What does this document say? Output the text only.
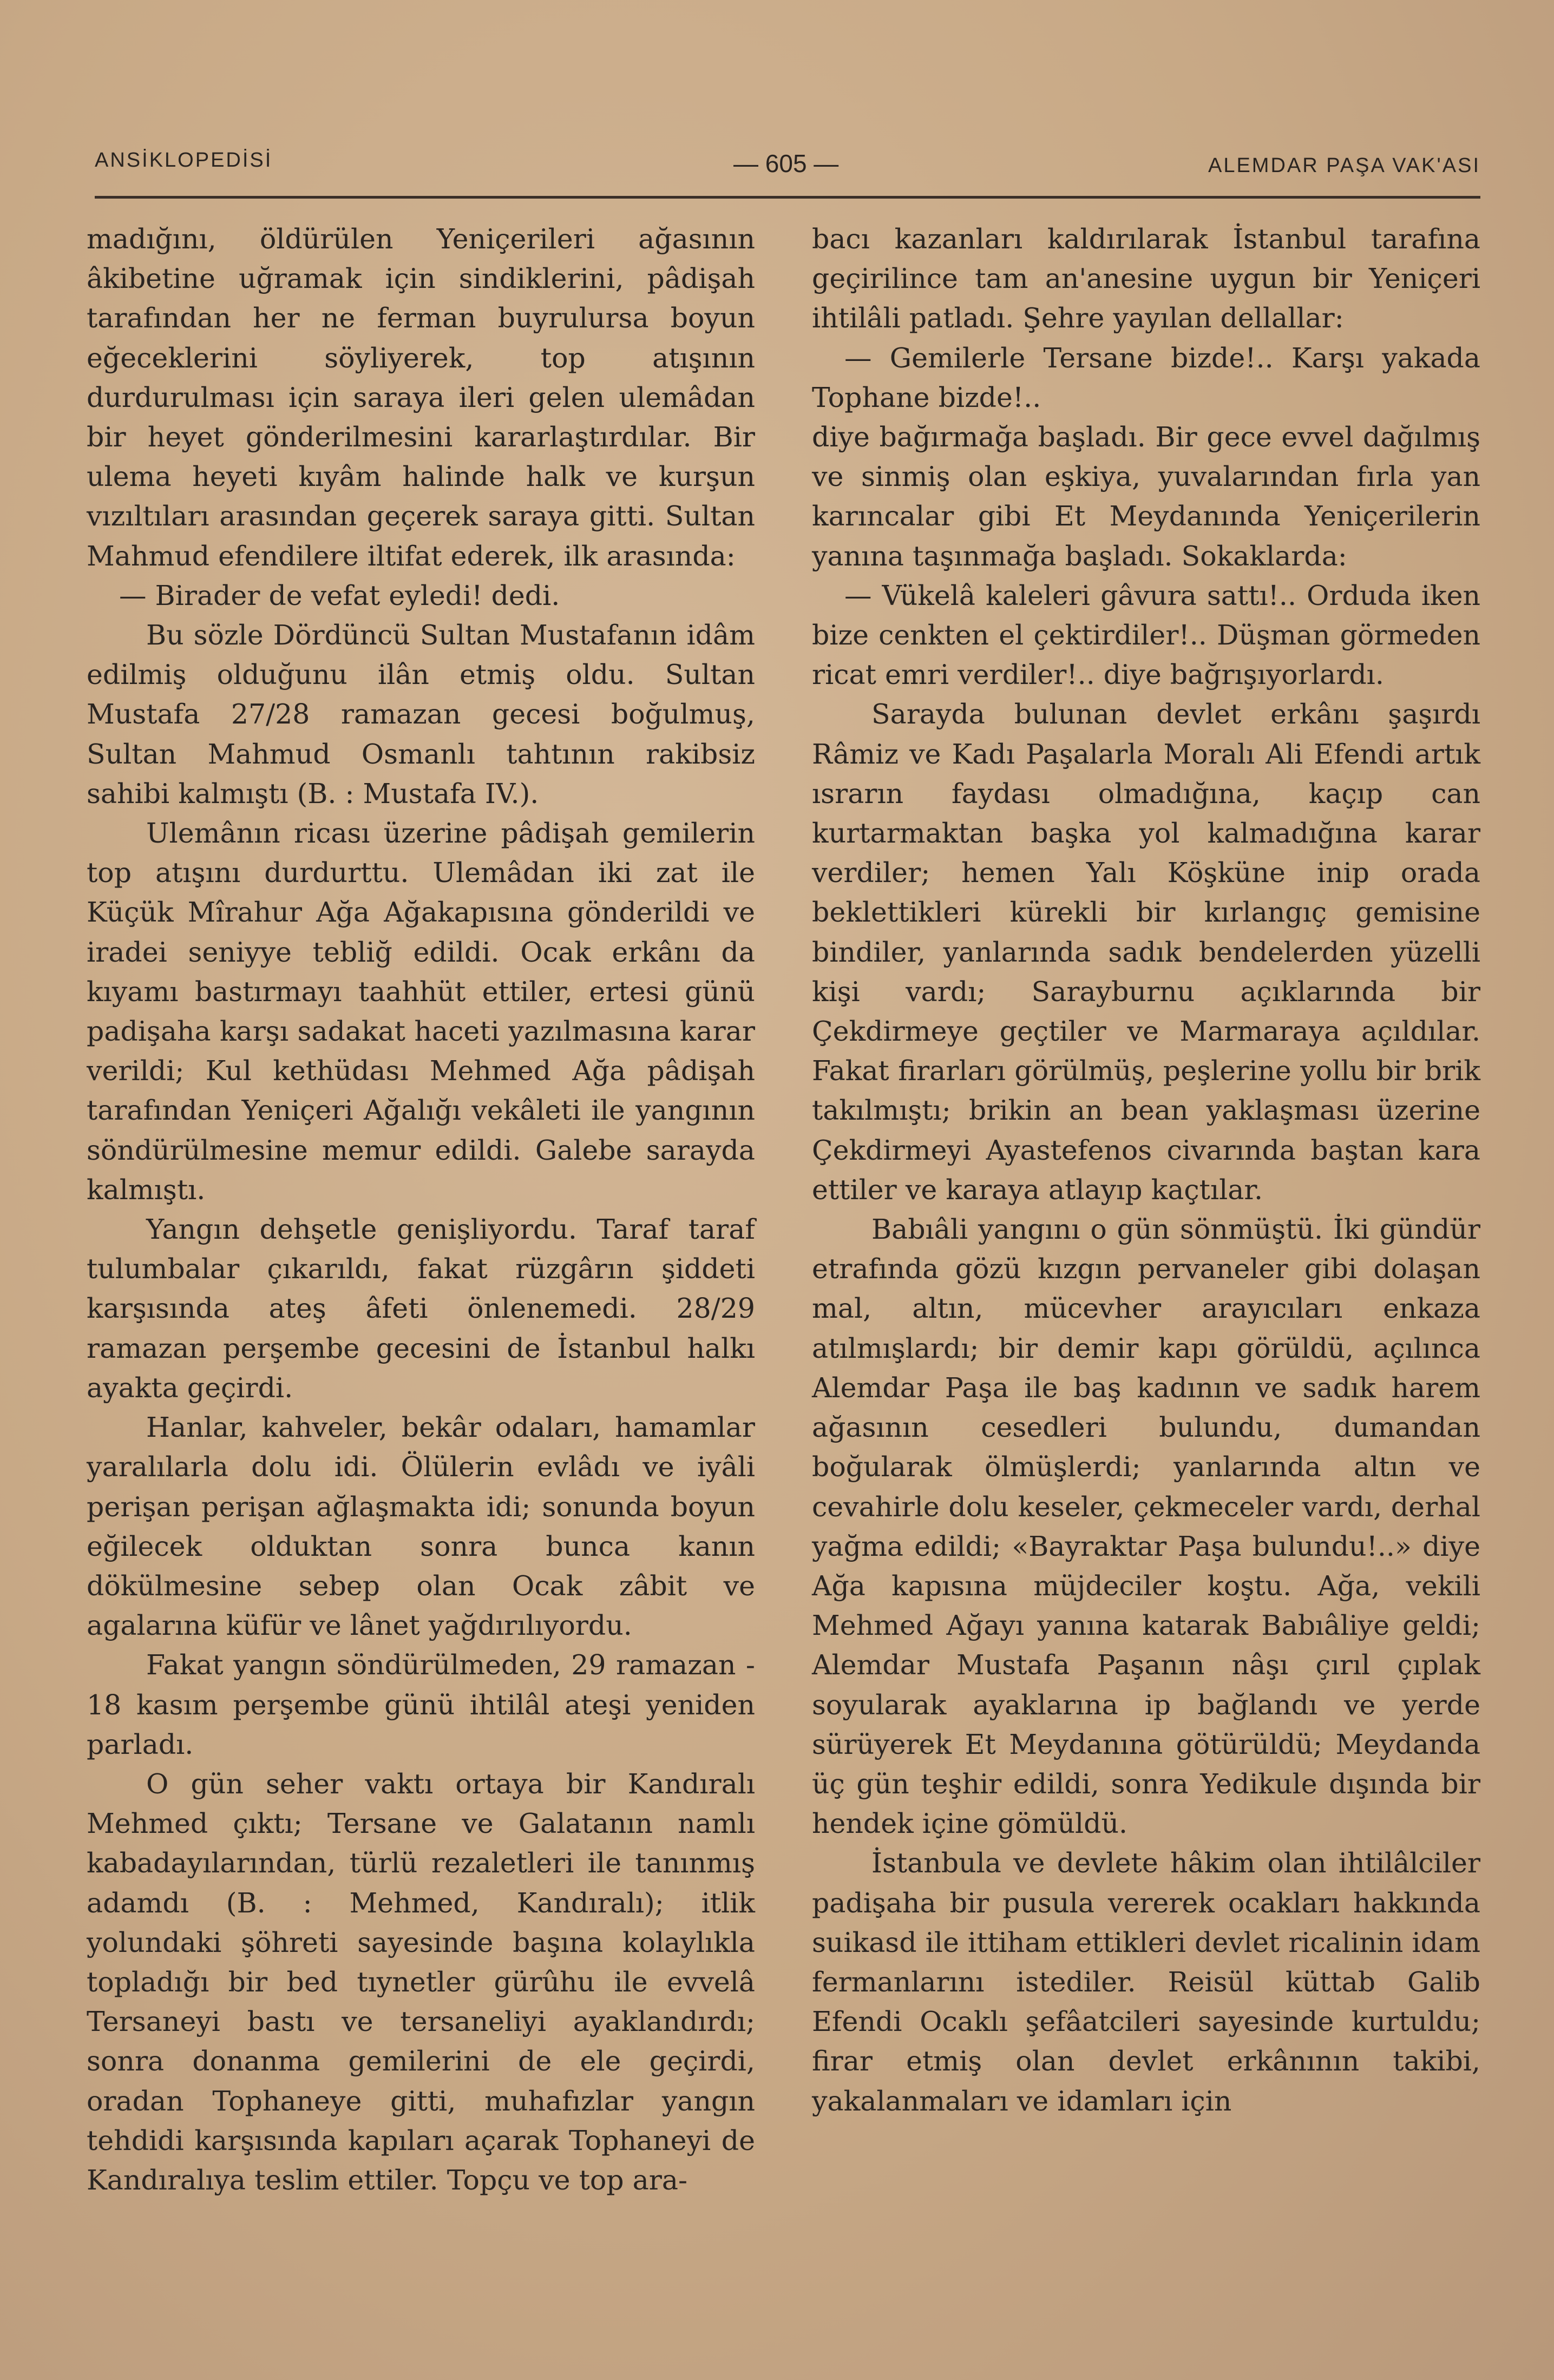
ANSİKLOPEDİSİ	— 605 —	ALEMDAR PAŞA VAK'ASI

madığını, öldürülen Yeniçerileri ağasının âkibetine uğramak için sindiklerini, pâdişah tarafından her ne ferman buyrulursa boyun eğeceklerini söyliyerek, top atışının durdurulması için saraya ileri gelen ulemâdan bir heyet gönderilmesini kararlaştırdılar. Bir ulema heyeti kıyâm halinde halk ve kurşun vızıltıları arasından geçerek saraya gitti. Sultan Mahmud efendilere iltifat ederek, ilk arasında:

— Birader de vefat eyledi! dedi.

Bu sözle Dördüncü Sultan Mustafanın idâm edilmiş olduğunu ilân etmiş oldu. Sultan Mustafa 27/28 ramazan gecesi boğulmuş, Sultan Mahmud Osmanlı tahtının rakibsiz sahibi kalmıştı (B. : Mustafa IV.).

Ulemânın ricası üzerine pâdişah gemilerin top atışını durdurttu. Ulemâdan iki zat ile Küçük Mîrahur Ağa Ağakapısına gönderildi ve iradei seniyye tebliğ edildi. Ocak erkânı da kıyamı bastırmayı taahhüt ettiler, ertesi günü padişaha karşı sadakat haceti yazılmasına karar verildi; Kul kethüdası Mehmed Ağa pâdişah tarafından Yeniçeri Ağalığı vekâleti ile yangının söndürülmesine memur edildi. Galebe sarayda kalmıştı.

Yangın dehşetle genişliyordu. Taraf taraf tulumbalar çıkarıldı, fakat rüzgârın şiddeti karşısında ateş âfeti önlenemedi. 28/29 ramazan perşembe gecesini de İstanbul halkı ayakta geçirdi.

Hanlar, kahveler, bekâr odaları, hamamlar yaralılarla dolu idi. Ölülerin evlâdı ve iyâli perişan perişan ağlaşmakta idi; sonunda boyun eğilecek olduktan sonra bunca kanın dökülmesine sebep olan Ocak zâbit ve agalarına küfür ve lânet yağdırılıyordu.

Fakat yangın söndürülmeden, 29 ramazan - 18 kasım perşembe günü ihtilâl ateşi yeniden parladı.

O gün seher vaktı ortaya bir Kandıralı Mehmed çıktı; Tersane ve Galatanın namlı kabadayılarından, türlü rezaletleri ile tanınmış adamdı (B. : Mehmed, Kandıralı); itlik yolundaki şöhreti sayesinde başına kolaylıkla topladığı bir bed tıynetler gürûhu ile evvelâ Tersaneyi bastı ve tersaneliyi ayaklandırdı; sonra donanma gemilerini de ele geçirdi, oradan Tophaneye gitti, muhafızlar yangın tehdidi karşısında kapıları açarak Tophaneyi de Kandıralıya teslim ettiler. Topçu ve top ara-

bacı kazanları kaldırılarak İstanbul tarafına geçirilince tam an'anesine uygun bir Yeniçeri ihtilâli patladı. Şehre yayılan dellallar:

— Gemilerle Tersane bizde!.. Karşı yakada Tophane bizde!..

diye bağırmağa başladı. Bir gece evvel dağılmış ve sinmiş olan eşkiya, yuvalarından fırla yan karıncalar gibi Et Meydanında Yeniçerilerin yanına taşınmağa başladı. Sokaklarda:

— Vükelâ kaleleri gâvura sattı!.. Orduda iken bize cenkten el çektirdiler!.. Düşman görmeden ricat emri verdiler!.. diye bağrışıyorlardı.

Sarayda bulunan devlet erkânı şaşırdı Râmiz ve Kadı Paşalarla Moralı Ali Efendi artık ısrarın faydası olmadığına, kaçıp can kurtarmaktan başka yol kalmadığına karar verdiler; hemen Yalı Köşküne inip orada beklettikleri kürekli bir kırlangıç gemisine bindiler, yanlarında sadık bendelerden yüzelli kişi vardı; Sarayburnu açıklarında bir Çekdirmeye geçtiler ve Marmaraya açıldılar. Fakat firarları görülmüş, peşlerine yollu bir brik takılmıştı; brikin an bean yaklaşması üzerine Çekdirmeyi Ayastefenos civarında baştan kara ettiler ve karaya atlayıp kaçtılar.

Babıâli yangını o gün sönmüştü. İki gündür etrafında gözü kızgın pervaneler gibi dolaşan mal, altın, mücevher arayıcıları enkaza atılmışlardı; bir demir kapı görüldü, açılınca Alemdar Paşa ile baş kadının ve sadık harem ağasının cesedleri bulundu, dumandan boğularak ölmüşlerdi; yanlarında altın ve cevahirle dolu keseler, çekmeceler vardı, derhal yağma edildi; «Bayraktar Paşa bulundu!..» diye Ağa kapısına müjdeciler koştu. Ağa, vekili Mehmed Ağayı yanına katarak Babıâliye geldi; Alemdar Mustafa Paşanın nâşı çırıl çıplak soyularak ayaklarına ip bağlandı ve yerde sürüyerek Et Meydanına götürüldü; Meydanda üç gün teşhir edildi, sonra Yedikule dışında bir hendek içine gömüldü.

İstanbula ve devlete hâkim olan ihtilâlciler padişaha bir pusula vererek ocakları hakkında suikasd ile ittiham ettikleri devlet ricalinin idam fermanlarını istediler. Reisül küttab Galib Efendi Ocaklı şefâatcileri sayesinde kurtuldu; firar etmiş olan devlet erkânının takibi, yakalanmaları ve idamları için
